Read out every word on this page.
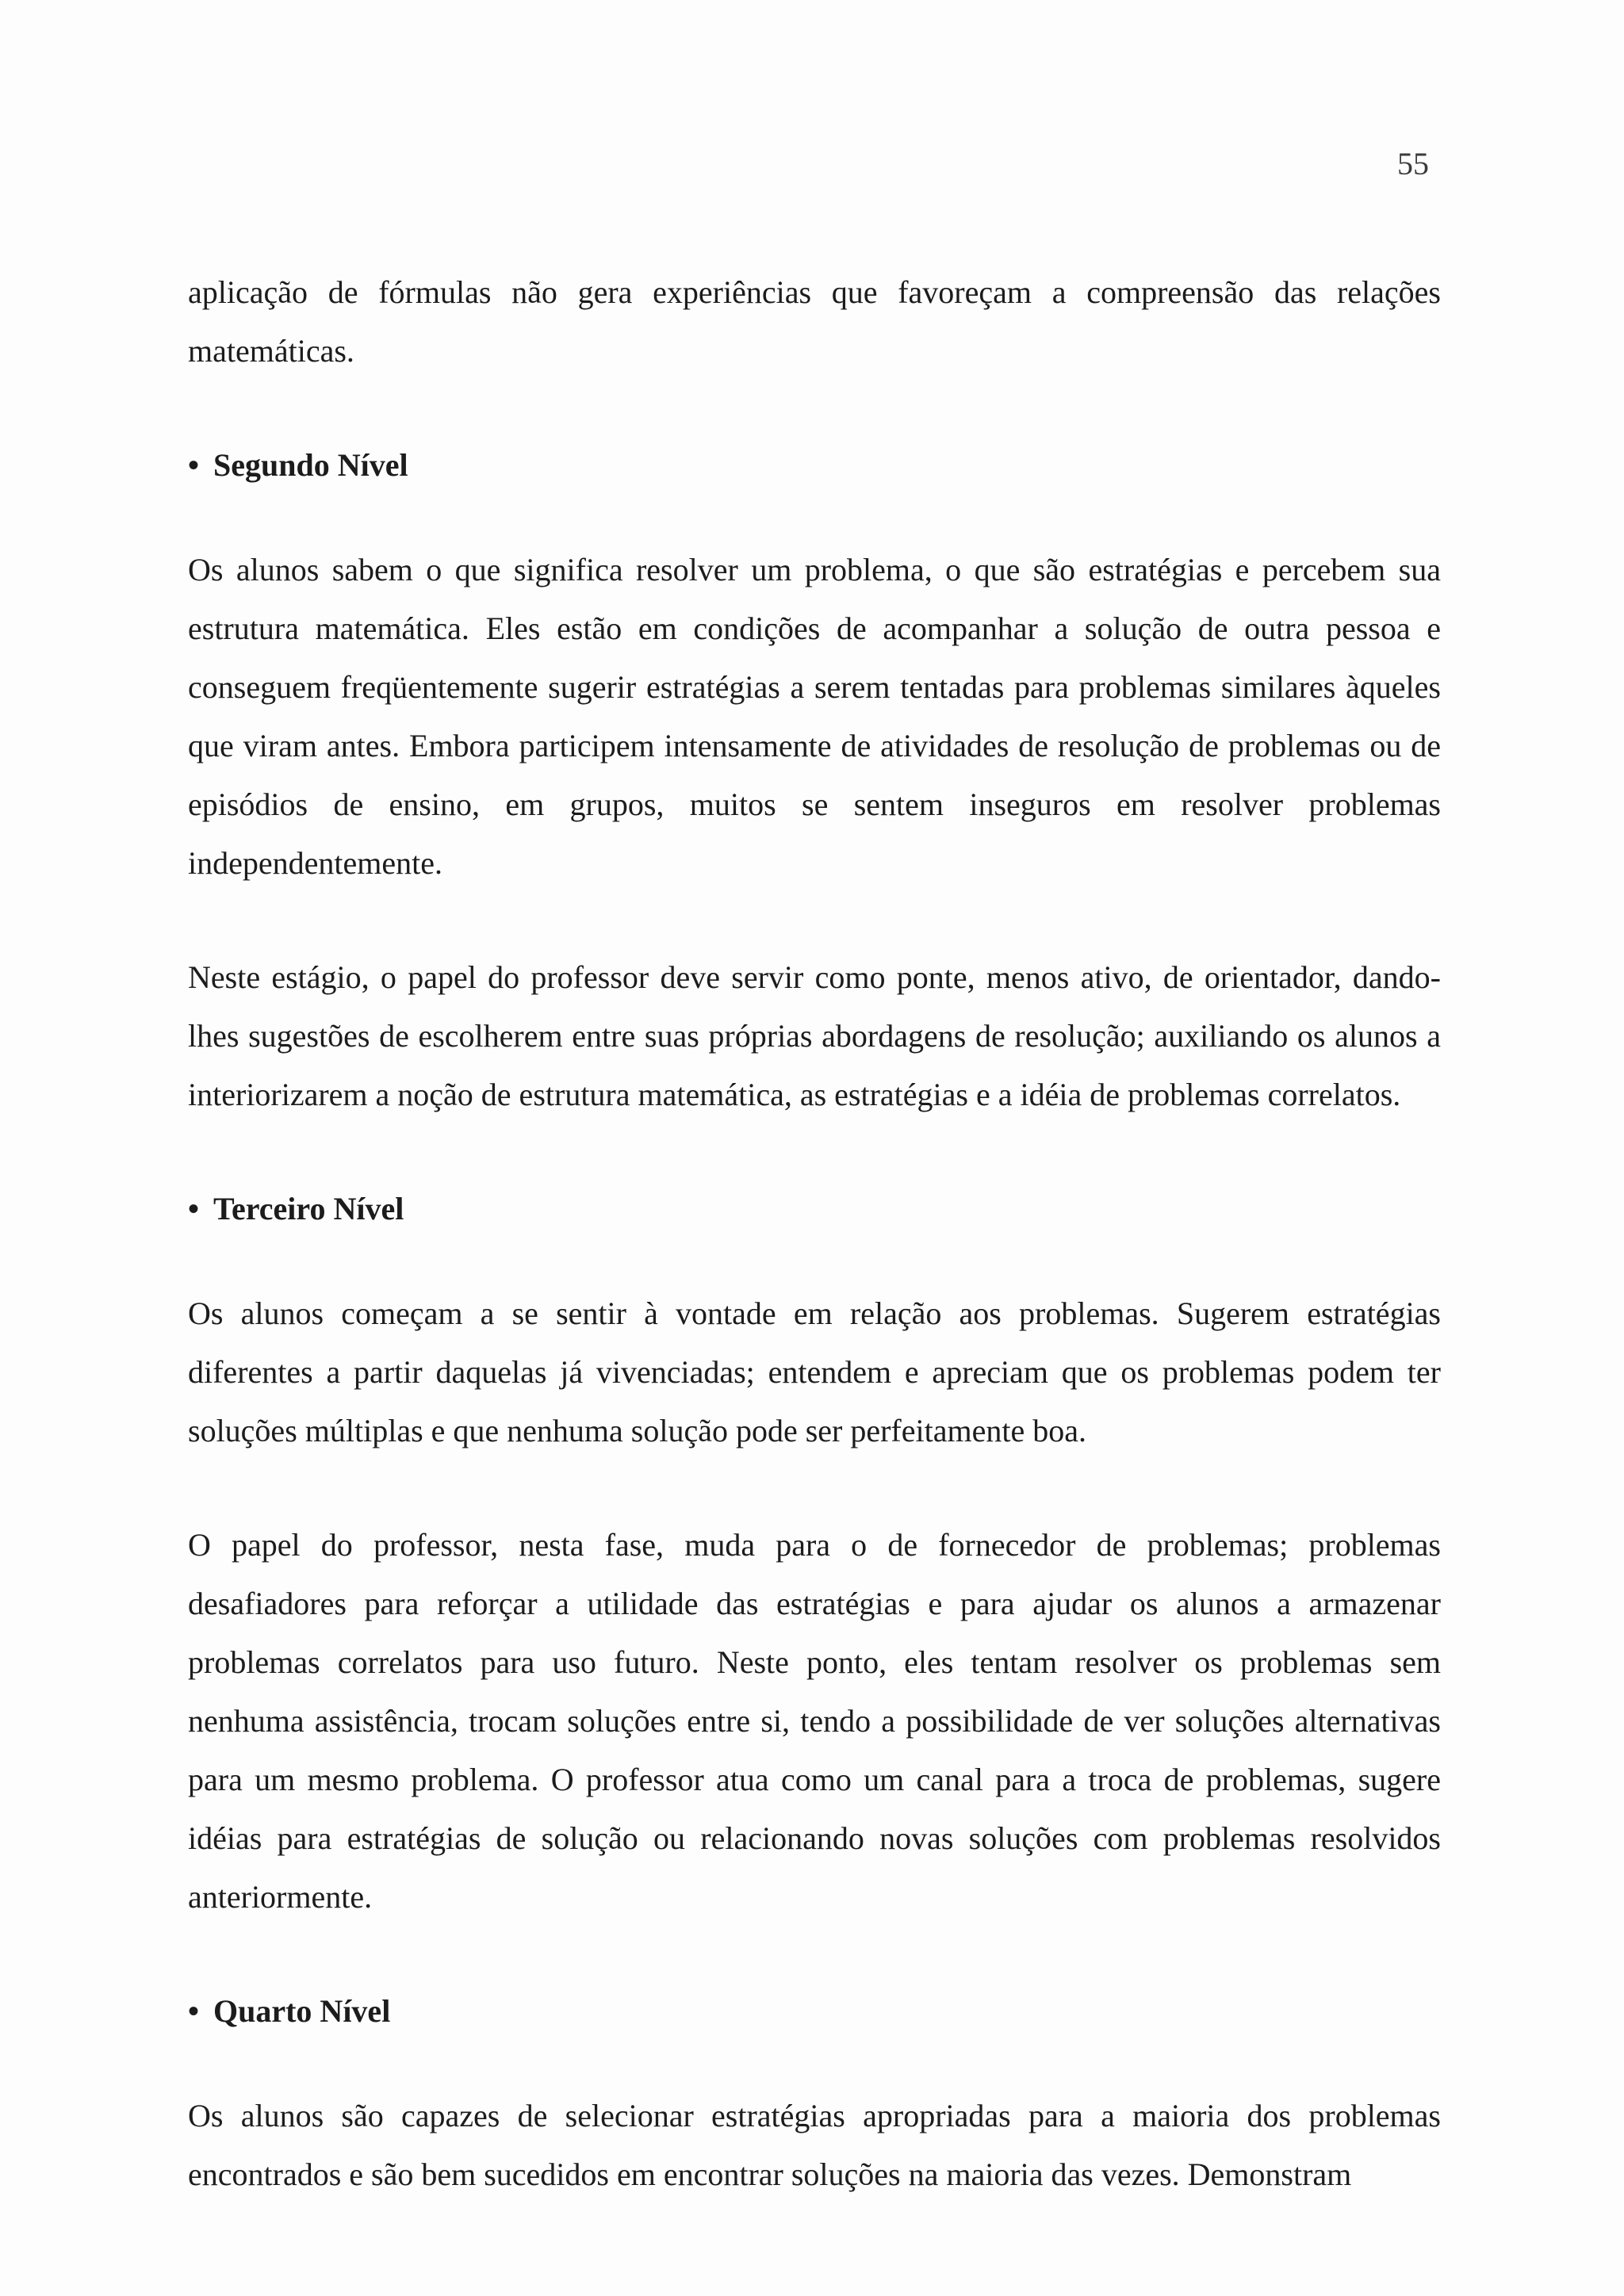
55

aplicação de fórmulas não gera experiências que favoreçam a compreensão das relações matemáticas.

• Segundo Nível

Os alunos sabem o que significa resolver um problema, o que são estratégias e percebem sua estrutura matemática. Eles estão em condições de acompanhar a solução de outra pessoa e conseguem freqüentemente sugerir estratégias a serem tentadas para problemas similares àqueles que viram antes. Embora participem intensamente de atividades de resolução de problemas ou de episódios de ensino, em grupos, muitos se sentem inseguros em resolver problemas independentemente.

Neste estágio, o papel do professor deve servir como ponte, menos ativo, de orientador, dando-lhes sugestões de escolherem entre suas próprias abordagens de resolução; auxiliando os alunos a interiorizarem a noção de estrutura matemática, as estratégias e a idéia de problemas correlatos.

• Terceiro Nível

Os alunos começam a se sentir à vontade em relação aos problemas. Sugerem estratégias diferentes a partir daquelas já vivenciadas; entendem e apreciam que os problemas podem ter soluções múltiplas e que nenhuma solução pode ser perfeitamente boa.

O papel do professor, nesta fase, muda para o de fornecedor de problemas; problemas desafiadores para reforçar a utilidade das estratégias e para ajudar os alunos a armazenar problemas correlatos para uso futuro. Neste ponto, eles tentam resolver os problemas sem nenhuma assistência, trocam soluções entre si, tendo a possibilidade de ver soluções alternativas para um mesmo problema. O professor atua como um canal para a troca de problemas, sugere idéias para estratégias de solução ou relacionando novas soluções com problemas resolvidos anteriormente.

• Quarto Nível

Os alunos são capazes de selecionar estratégias apropriadas para a maioria dos problemas encontrados e são bem sucedidos em encontrar soluções na maioria das vezes. Demonstram
